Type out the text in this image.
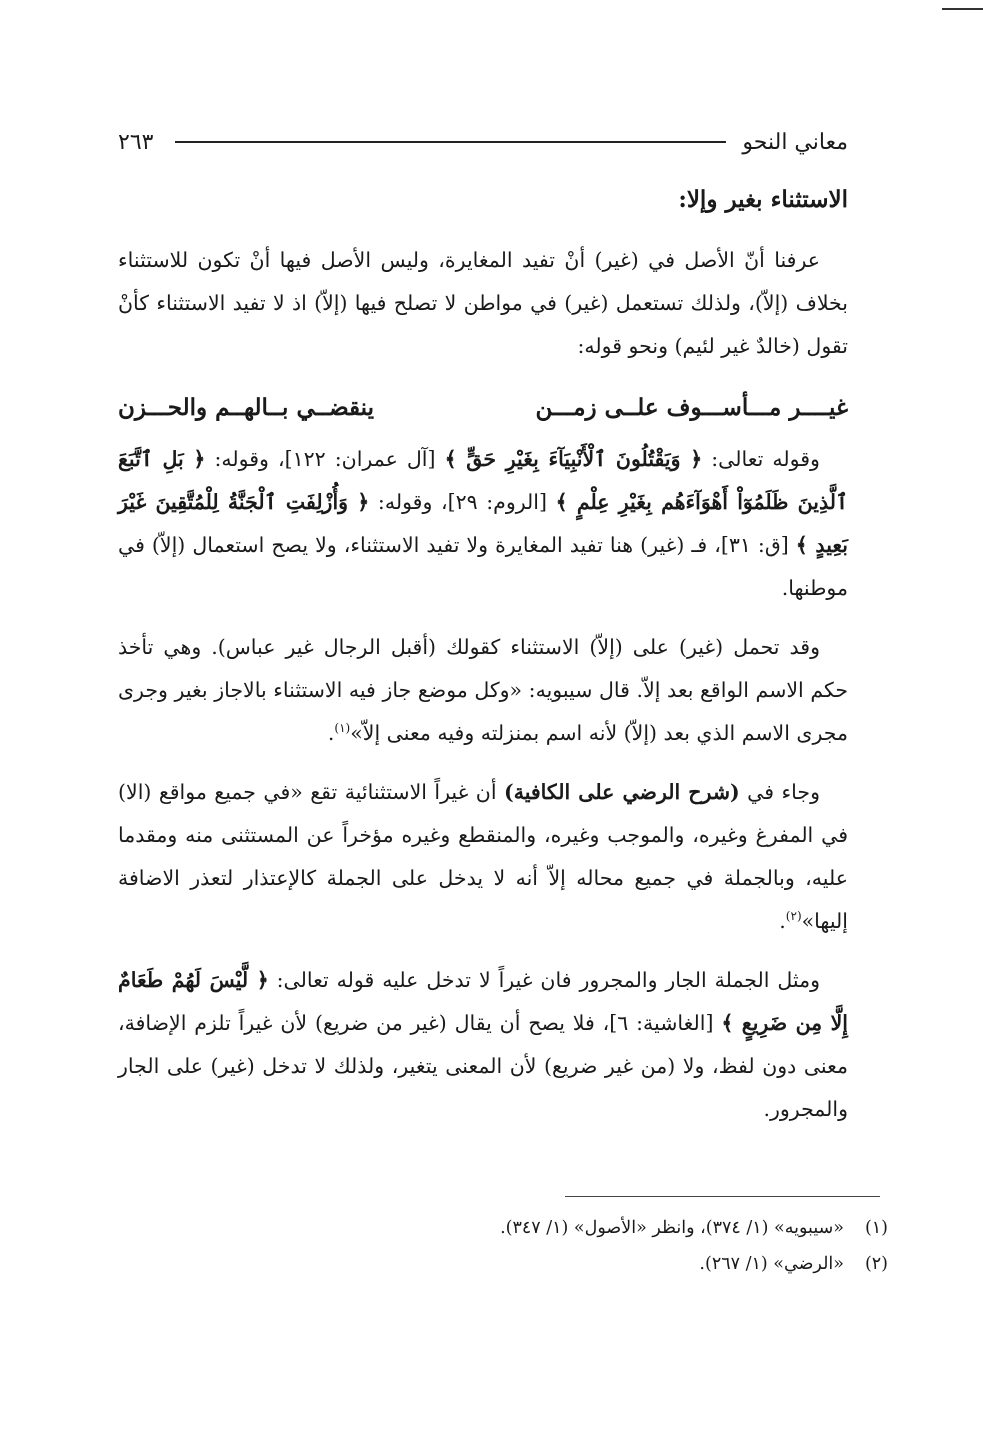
معاني النحو
٢٦٣
الاستثناء بغير وإلا:

عرفنا أنّ الأصل في (غير) أنْ تفيد المغايرة، وليس الأصل فيها أنْ تكون للاستثناء بخلاف (إلاّ)، ولذلك تستعمل (غير) في مواطن لا تصلح فيها (إلاّ) اذ لا تفيد الاستثناء كأنْ تقول (خالدٌ غير لئيم) ونحو قوله:

غيــــر مـــأســـوف علــى زمـــن
ينقضــي بــالهــم والحـــزن

وقوله تعالى: ﴿ وَيَقْتُلُونَ ٱلْأَنْبِيَآءَ بِغَيْرِ حَقٍّ ﴾ [آل عمران: ١٢٢]، وقوله: ﴿ بَلِ ٱتَّبَعَ ٱلَّذِينَ ظَلَمُوٓاْ أَهْوَآءَهُم بِغَيْرِ عِلْمٍ ﴾ [الروم: ٢٩]، وقوله: ﴿ وَأُزْلِفَتِ ٱلْجَنَّةُ لِلْمُتَّقِينَ غَيْرَ بَعِيدٍ ﴾ [ق: ٣١]، فـ (غير) هنا تفيد المغايرة ولا تفيد الاستثناء، ولا يصح استعمال (إلاّ) في موطنها.

وقد تحمل (غير) على (إلاّ) الاستثناء كقولك (أقبل الرجال غير عباس). وهي تأخذ حكم الاسم الواقع بعد إلاّ. قال سيبويه: «وكل موضع جاز فيه الاستثناء بالاجاز بغير وجرى مجرى الاسم الذي بعد (إلاّ) لأنه اسم بمنزلته وفيه معنى إلاّ»$^{(١)}$.

وجاء في (شرح الرضي على الكافية) أن غيراً الاستثنائية تقع «في جميع مواقع (الا) في المفرغ وغيره، والموجب وغيره، والمنقطع وغيره مؤخراً عن المستثنى منه ومقدما عليه، وبالجملة في جميع محاله إلاّ أنه لا يدخل على الجملة كالإعتذار لتعذر الاضافة إليها»$^{(٢)}$.

ومثل الجملة الجار والمجرور فان غيراً لا تدخل عليه قوله تعالى: ﴿ لَّيْسَ لَهُمْ طَعَامٌ إِلَّا مِن ضَرِيعٍ ﴾ [الغاشية: ٦]، فلا يصح أن يقال (غير من ضريع) لأن غيراً تلزم الإضافة، معنى دون لفظ، ولا (من غير ضريع) لأن المعنى يتغير، ولذلك لا تدخل (غير) على الجار والمجرور.

(١)«سيبويه» (١/ ٣٧٤)، وانظر «الأصول» (١/ ٣٤٧).
(٢)«الرضي» (١/ ٢٦٧).
